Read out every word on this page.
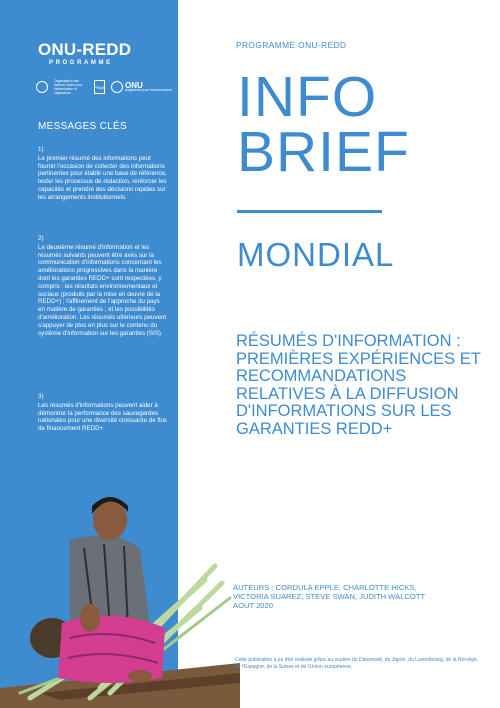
ONU-REDD
PROGRAMME
Organisation des Nations Unies pour l'alimentation et l'agriculture
PNUE ONU
programme pour l'environnement
MESSAGES CLÉS
1)
Le premier résumé des informations peut fournir l'occasion de collecter des informations pertinentes pour établir une base de référence, tester les processus de rédaction, renforcer les capacités et prendre des décisions rapides sur les arrangements institutionnels.
2)
Le deuxième résumé d'information et les résumés suivants peuvent être axés sur la communication d'informations concernant les améliorations progressives dans la manière dont les garanties REDD+ sont respectées, y compris : les résultats environnementaux et sociaux (produits par la mise en œuvre de la REDD+) ; l'affinement de l'approche du pays en matière de garanties ; et les possibilités d'amélioration. Les résumés ultérieurs peuvent s'appuyer de plus en plus sur le contenu du système d'information sur les garanties (SIS).
3)
Les résumés d'informations peuvent aider à démontrer la performance des sauvegardes nationales pour une diversité croissante de flux de financement REDD+.
PROGRAMME ONU-REDD
INFO
BRIEF
MONDIAL
RÉSUMÉS D'INFORMATION : PREMIÈRES EXPÉRIENCES ET RECOMMANDATIONS RELATIVES À LA DIFFUSION D'INFORMATIONS SUR LES GARANTIES REDD+
AUTEURS : CORDULA EPPLE, CHARLOTTE HICKS,
VICTORIA SUAREZ, STEVE SWAN, JUDITH WALCOTT
AOUT 2020
Cette publication a pu être réalisée grâce au soutien du Danemark, du Japon, du Luxembourg, de la Norvège, de l'Espagne, de la Suisse et de l'Union européenne.
